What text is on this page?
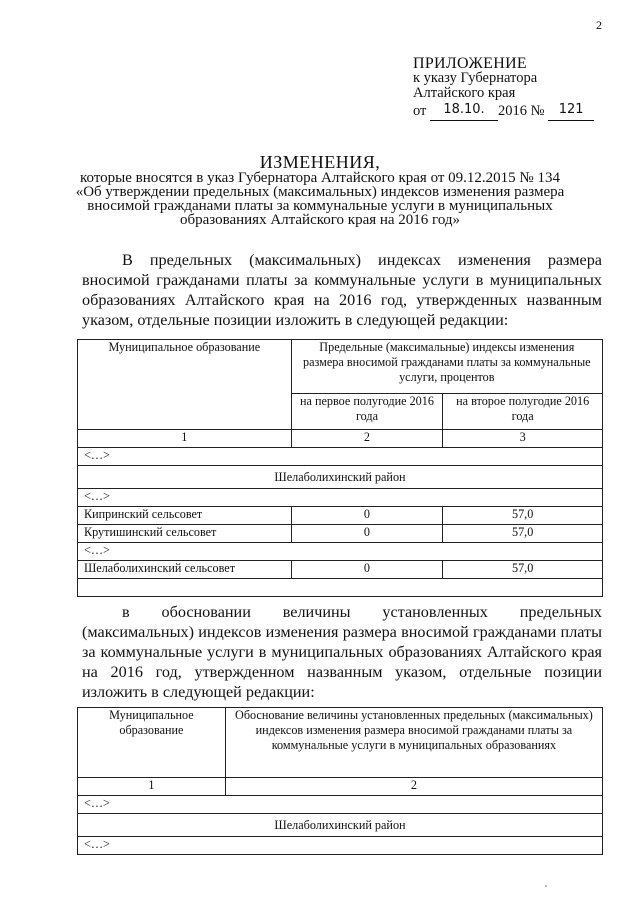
2
ПРИЛОЖЕНИЕ
к указу Губернатора
Алтайского края
от 18.10. 2016 № 121
ИЗМЕНЕНИЯ,
которые вносятся в указ Губернатора Алтайского края от 09.12.2015 № 134
«Об утверждении предельных (максимальных) индексов изменения размера
вносимой гражданами платы за коммунальные услуги в муниципальных
образованиях Алтайского края на 2016 год»

В предельных (максимальных) индексах изменения размера вносимой гражданами платы за коммунальные услуги в муниципальных образованиях Алтайского края на 2016 год, утвержденных названным указом, отдельные позиции изложить в следующей редакции:

Муниципальное образование	Предельные (максимальные) индексы изменения размера вносимой гражданами платы за коммунальные услуги, процентов	
	на первое полугодие 2016 года	на второе полугодие 2016 года
1	2	3
<…>		
Шелаболихинский район		
<…>		
Кипринский сельсовет	0	57,0
Крутишинский сельсовет	0	57,0
<…>		
Шелаболихинский сельсовет	0	57,0

в обосновании величины установленных предельных (максимальных) индексов изменения размера вносимой гражданами платы за коммунальные услуги в муниципальных образованиях Алтайского края на 2016 год, утвержденном названным указом, отдельные позиции изложить в следующей редакции:

Муниципальное образование	Обоснование величины установленных предельных (максимальных) индексов изменения размера вносимой гражданами платы за коммунальные услуги в муниципальных образованиях
1	2
<…>	
Шелаболихинский район	
<…>	
